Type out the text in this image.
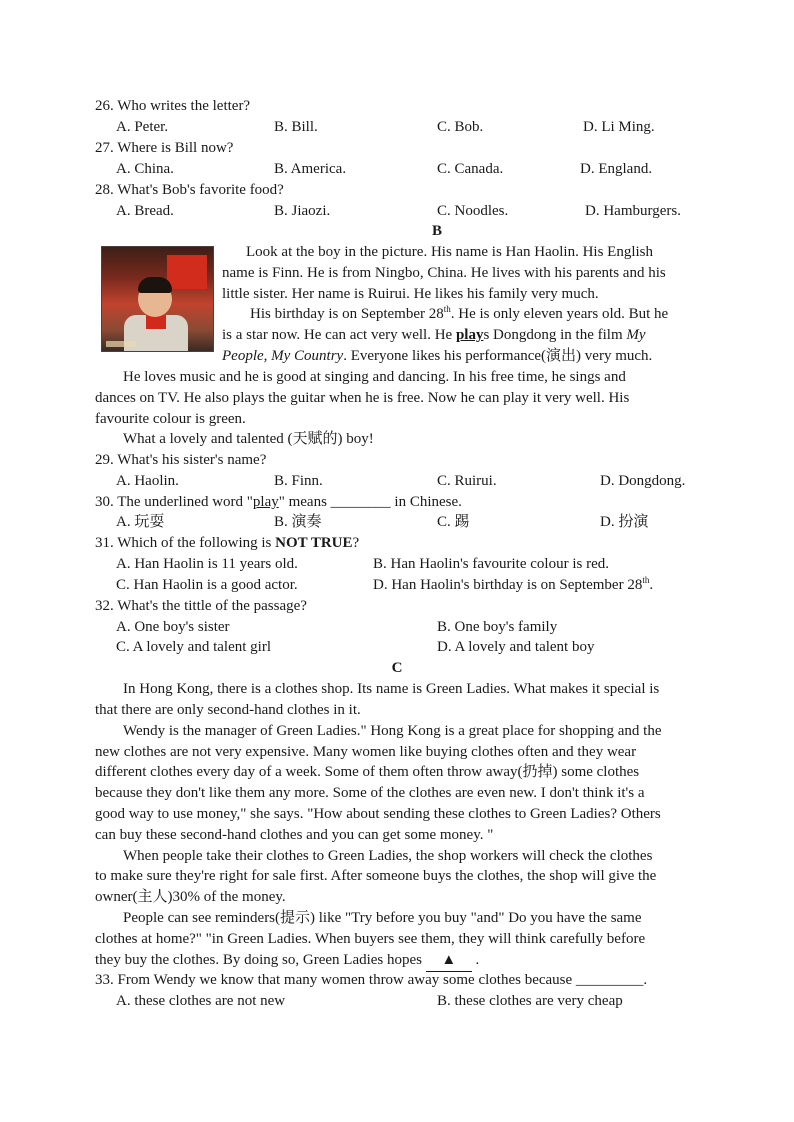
26. Who writes the letter?
A. Peter.	B. Bill.	C. Bob.	D. Li Ming.
27. Where is Bill now?
A. China.	B. America.	C. Canada.	D. England.
28. What's Bob's favorite food?
A. Bread.	B. Jiaozi.	C. Noodles.	D. Hamburgers.
B
Look at the boy in the picture. His name is Han Haolin. His English
name is Finn. He is from Ningbo, China. He lives with his parents and his
little sister. Her name is Ruirui. He likes his family very much.
His birthday is on September 28th. He is only eleven years old. But he
is a star now. He can act very well. He plays Dongdong in the film My
People, My Country. Everyone likes his performance(演出) very much.
He loves music and he is good at singing and dancing. In his free time, he sings and
dances on TV. He also plays the guitar when he is free. Now he can play it very well. His
favourite colour is green.
What a lovely and talented (天赋的) boy!
29. What's his sister's name?
A. Haolin.	B. Finn.	C. Ruirui.	D. Dongdong.
30. The underlined word "play" means ________ in Chinese.
A. 玩耍	B. 演奏	C. 踢	D. 扮演
31. Which of the following is NOT TRUE?
A. Han Haolin is 11 years old.	B. Han Haolin's favourite colour is red.
C. Han Haolin is a good actor.	D. Han Haolin's birthday is on September 28th.
32. What's the tittle of the passage?
A. One boy's sister	B. One boy's family
C. A lovely and talent girl	D. A lovely and talent boy
C
In Hong Kong, there is a clothes shop. Its name is Green Ladies. What makes it special is
that there are only second-hand clothes in it.
Wendy is the manager of Green Ladies." Hong Kong is a great place for shopping and the
new clothes are not very expensive. Many women like buying clothes often and they wear
different clothes every day of a week. Some of them often throw away(扔掉) some clothes
because they don't like them any more. Some of the clothes are even new. I don't think it's a
good way to use money," she says. "How about sending these clothes to Green Ladies? Others
can buy these second-hand clothes and you can get some money. "
When people take their clothes to Green Ladies, the shop workers will check the clothes
to make sure they're right for sale first. After someone buys the clothes, the shop will give the
owner(主人)30% of the money.
People can see reminders(提示) like "Try before you buy "and" Do you have the same
clothes at home?" "in Green Ladies. When buyers see them, they will think carefully before
they buy the clothes. By doing so, Green Ladies hopes ▲ .
33. From Wendy we know that many women throw away some clothes because _________.
A. these clothes are not new	B. these clothes are very cheap
